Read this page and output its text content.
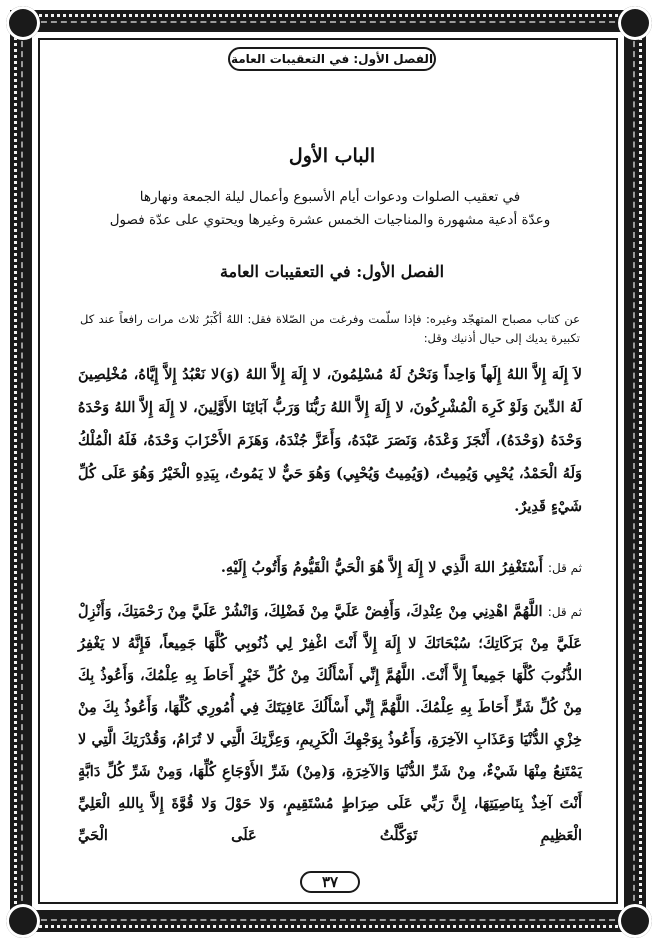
الفصل الأول: في التعقيبات العامة
الباب الأول
في تعقيب الصلوات ودعوات أيام الأسبوع وأعمال ليلة الجمعة ونهارها
وعدّة أدعية مشهورة والمناجيات الخمس عشرة وغيرها ويحتوي على عدّة فصول
الفصل الأول: في التعقيبات العامة
عن كتاب مصباح المتهجّد وغيره: فإذا سلّمت وفرغت من الصّلاة فقل: اللهُ أكْبَرُ ثلاث مرات رافعاً عند كل تكبيرة يديك إلى حيال أذنيك وقل:
لاَ إِلَهَ إِلاَّ اللهُ إِلَهاً وَاحِداً وَنَحْنُ لَهُ مُسْلِمُونَ، لا إِلَهَ إِلاَّ اللهُ (وَ)لا نَعْبُدُ إِلاَّ إِيَّاهُ، مُخْلِصِينَ لَهُ الدِّينَ وَلَوْ كَرِهَ الْمُشْرِكُونَ، لا إِلَهَ إِلاَّ اللهُ رَبُّنَا وَرَبُّ آبَائِنَا الأَوَّلِينَ، لا إِلَهَ إِلاَّ اللهُ وَحْدَهُ وَحْدَهُ (وَحْدَهُ)، أَنْجَزَ وَعْدَهُ، وَنَصَرَ عَبْدَهُ، وَأَعَزَّ جُنْدَهُ، وَهَزَمَ الأَحْزَابَ وَحْدَهُ، فَلَهُ الْمُلْكُ وَلَهُ الْحَمْدُ، يُحْيِي وَيُمِيتُ، (وَيُمِيتُ وَيُحْيِي) وَهُوَ حَيٌّ لا يَمُوتُ، بِيَدِهِ الْخَيْرُ وَهُوَ عَلَى كُلِّ شَيْءٍ قَدِيرٌ.
ثم قل: أَسْتَغْفِرُ اللهَ الَّذِي لا إِلَهَ إِلاَّ هُوَ الْحَيُّ الْقَيُّومُ وَأَتُوبُ إِلَيْهِ.
ثم قل: اللَّهُمَّ اهْدِنِي مِنْ عِنْدِكَ، وَأَفِضْ عَلَيَّ مِنْ فَضْلِكَ، وَانْشُرْ عَلَيَّ مِنْ رَحْمَتِكَ، وَأَنْزِلْ عَلَيَّ مِنْ بَرَكَاتِكَ؛ سُبْحَانَكَ لا إِلَهَ إِلاَّ أَنْتَ اغْفِرْ لِي ذُنُوبِي كُلَّهَا جَمِيعاً، فَإِنَّهُ لا يَغْفِرُ الذُّنُوبَ كُلَّهَا جَمِيعاً إِلاَّ أَنْتَ. اللَّهُمَّ إِنِّي أَسْأَلُكَ مِنْ كُلِّ خَيْرٍ أَحَاطَ بِهِ عِلْمُكَ، وَأَعُوذُ بِكَ مِنْ كُلِّ شَرٍّ أَحَاطَ بِهِ عِلْمُكَ. اللَّهُمَّ إِنِّي أَسْأَلُكَ عَافِيَتَكَ فِي أُمُورِي كُلِّهَا، وَأَعُوذُ بِكَ مِنْ خِزْيِ الدُّنْيَا وَعَذَابِ الآخِرَةِ، وَأَعُوذُ بِوَجْهِكَ الْكَرِيمِ، وَعِزَّتِكَ الَّتِي لا تُرَامُ، وَقُدْرَتِكَ الَّتِي لا يَمْتَنِعُ مِنْهَا شَيْءٌ، مِنْ شَرِّ الدُّنْيَا وَالآخِرَةِ، وَ(مِنْ) شَرِّ الأَوْجَاعِ كُلِّهَا، وَمِنْ شَرِّ كُلِّ دَابَّةٍ أَنْتَ آخِذٌ بِنَاصِيَتِهَا، إِنَّ رَبِّي عَلَى صِرَاطٍ مُسْتَقِيمٍ، وَلا حَوْلَ وَلا قُوَّةَ إِلاَّ بِاللهِ الْعَلِيِّ الْعَظِيمِ تَوَكَّلْتُ عَلَى الْحَيِّ
٣٧
